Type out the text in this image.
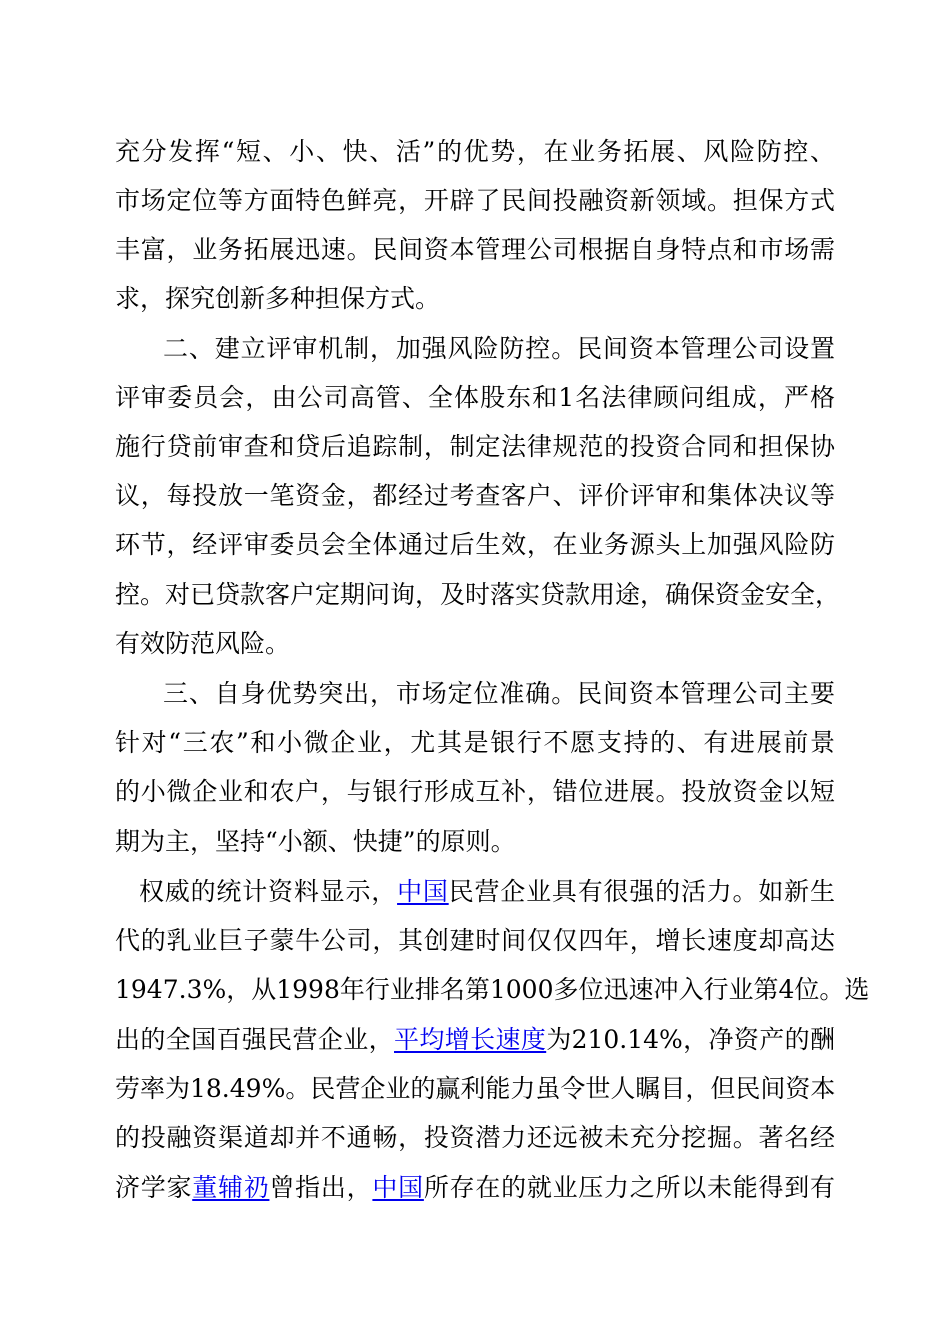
充分发挥“短、小、快、活”的优势，在业务拓展、风险防控、
市场定位等方面特色鲜亮，开辟了民间投融资新领域。担保方式
丰富，业务拓展迅速。民间资本管理公司根据自身特点和市场需
求，探究创新多种担保方式。
二、建立评审机制，加强风险防控。民间资本管理公司设置
评审委员会，由公司高管、全体股东和1名法律顾问组成，严格
施行贷前审查和贷后追踪制，制定法律规范的投资合同和担保协
议，每投放一笔资金，都经过考查客户、评价评审和集体决议等
环节，经评审委员会全体通过后生效，在业务源头上加强风险防
控。对已贷款客户定期问询，及时落实贷款用途，确保资金安全，
有效防范风险。
三、自身优势突出，市场定位准确。民间资本管理公司主要
针对“三农”和小微企业，尤其是银行不愿支持的、有进展前景
的小微企业和农户，与银行形成互补，错位进展。投放资金以短
期为主，坚持“小额、快捷”的原则。
权威的统计资料显示，中国民营企业具有很强的活力。如新生
代的乳业巨子蒙牛公司，其创建时间仅仅四年，增长速度却高达
1947.3%，从1998年行业排名第1000多位迅速冲入行业第4位。选
出的全国百强民营企业，平均增长速度为210.14%，净资产的酬
劳率为18.49%。民营企业的赢利能力虽令世人瞩目，但民间资本
的投融资渠道却并不通畅，投资潜力还远被未充分挖掘。著名经
济学家董辅礽曾指出，中国所存在的就业压力之所以未能得到有
